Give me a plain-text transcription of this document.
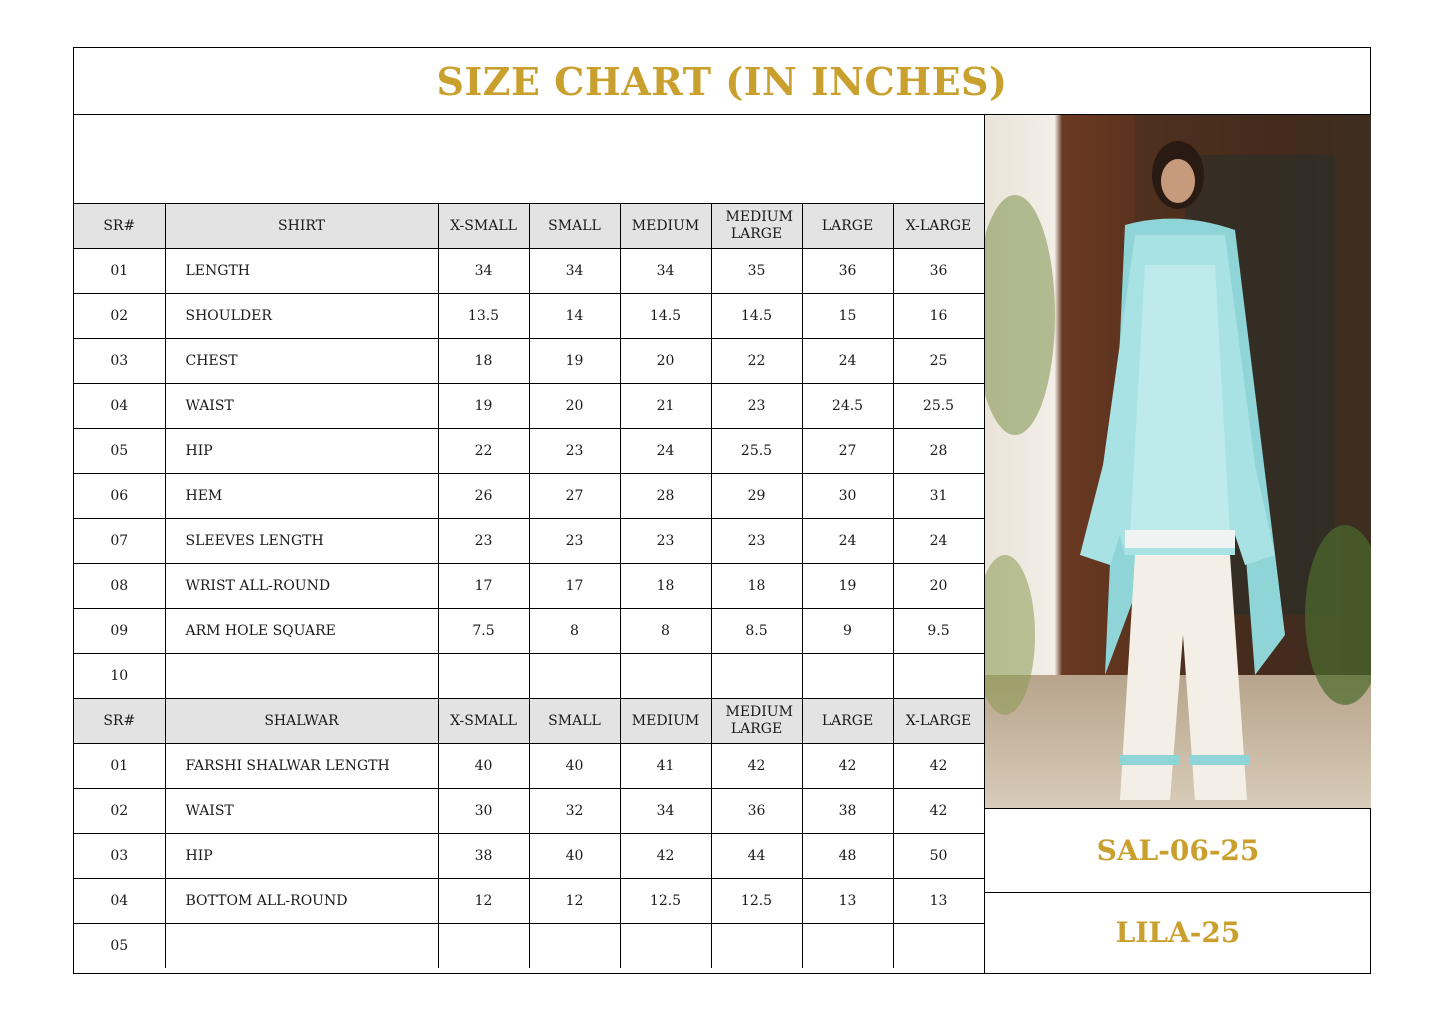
SIZE CHART (IN INCHES)
SR#	SHIRT	X-SMALL	SMALL	MEDIUM	MEDIUM LARGE	LARGE	X-LARGE
01	LENGTH	34	34	34	35	36	36
02	SHOULDER	13.5	14	14.5	14.5	15	16
03	CHEST	18	19	20	22	24	25
04	WAIST	19	20	21	23	24.5	25.5
05	HIP	22	23	24	25.5	27	28
06	HEM	26	27	28	29	30	31
07	SLEEVES LENGTH	23	23	23	23	24	24
08	WRIST ALL-ROUND	17	17	18	18	19	20
09	ARM HOLE SQUARE	7.5	8	8	8.5	9	9.5
10							
SR#	SHALWAR	X-SMALL	SMALL	MEDIUM	MEDIUM LARGE	LARGE	X-LARGE
01	FARSHI SHALWAR LENGTH	40	40	41	42	42	42
02	WAIST	30	32	34	36	38	42
03	HIP	38	40	42	44	48	50
04	BOTTOM ALL-ROUND	12	12	12.5	12.5	13	13
05							
SAL-06-25
LILA-25
